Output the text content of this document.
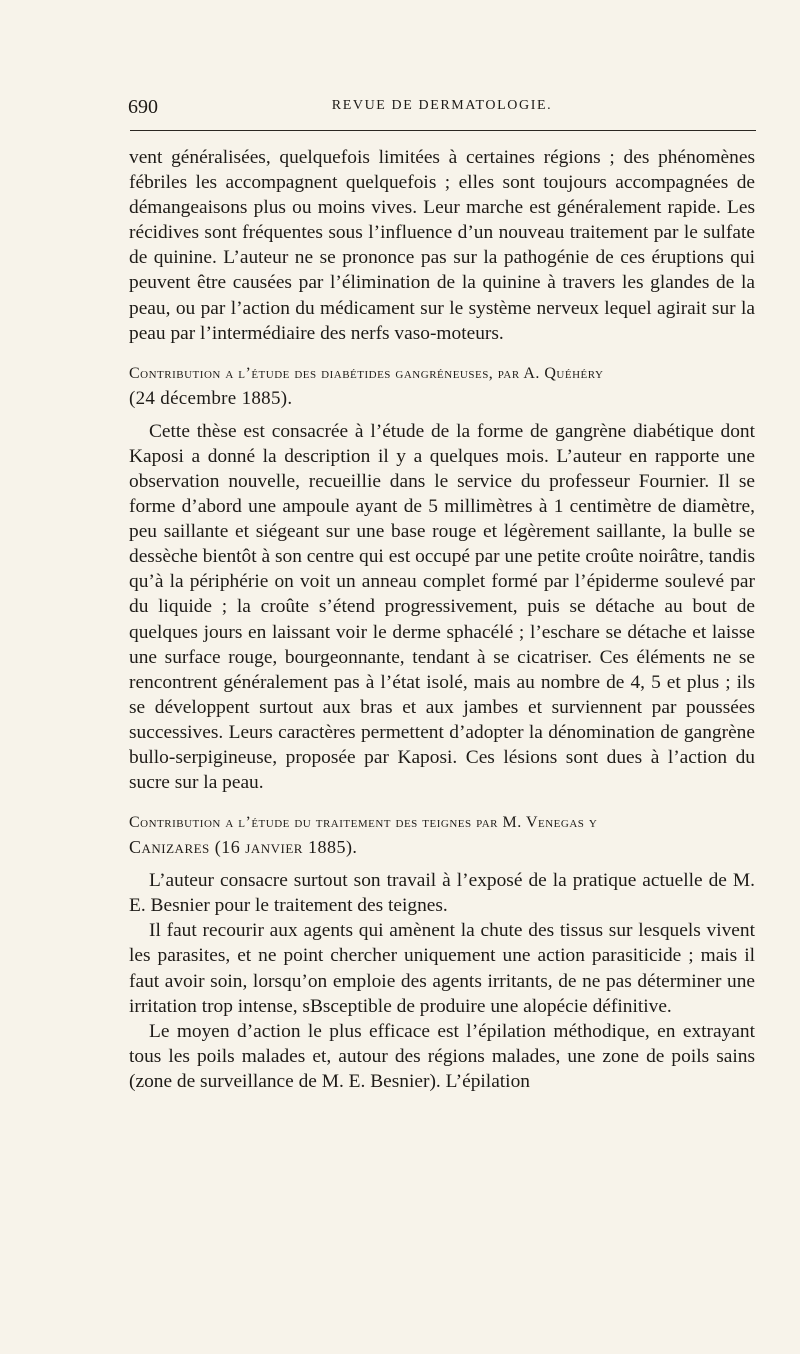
690	REVUE DE DERMATOLOGIE.

vent généralisées, quelquefois limitées à certaines régions ; des phénomènes fébriles les accompagnent quelquefois ; elles sont toujours accompagnées de démangeaisons plus ou moins vives. Leur marche est généralement rapide. Les récidives sont fréquentes sous l’influence d’un nouveau traitement par le sulfate de quinine. L’auteur ne se prononce pas sur la pathogénie de ces éruptions qui peuvent être causées par l’élimination de la quinine à travers les glandes de la peau, ou par l’action du médicament sur le système nerveux lequel agirait sur la peau par l’intermédiaire des nerfs vaso-moteurs.

Contribution a l’étude des diabétides gangréneuses, par A. Quéhéry

(24 décembre 1885).

Cette thèse est consacrée à l’étude de la forme de gangrène diabétique dont Kaposi a donné la description il y a quelques mois. L’auteur en rapporte une observation nouvelle, recueillie dans le service du professeur Fournier. Il se forme d’abord une ampoule ayant de 5 millimètres à 1 centimètre de diamètre, peu saillante et siégeant sur une base rouge et légèrement saillante, la bulle se dessèche bientôt à son centre qui est occupé par une petite croûte noirâtre, tandis qu’à la périphérie on voit un anneau complet formé par l’épiderme soulevé par du liquide ; la croûte s’étend progressivement, puis se détache au bout de quelques jours en laissant voir le derme sphacélé ; l’eschare se détache et laisse une surface rouge, bourgeonnante, tendant à se cicatriser. Ces éléments ne se rencontrent généralement pas à l’état isolé, mais au nombre de 4, 5 et plus ; ils se développent surtout aux bras et aux jambes et surviennent par poussées successives. Leurs caractères permettent d’adopter la dénomination de gangrène bullo-serpigineuse, proposée par Kaposi. Ces lésions sont dues à l’action du sucre sur la peau.

Contribution a l’étude du traitement des teignes par M. Venegas y

Canizares (16 janvier 1885).

L’auteur consacre surtout son travail à l’exposé de la pratique actuelle de M. E. Besnier pour le traitement des teignes.

Il faut recourir aux agents qui amènent la chute des tissus sur lesquels vivent les parasites, et ne point chercher uniquement une action parasiticide ; mais il faut avoir soin, lorsqu’on emploie des agents irritants, de ne pas déterminer une irritation trop intense, sBsceptible de produire une alopécie définitive.

Le moyen d’action le plus efficace est l’épilation méthodique, en extrayant tous les poils malades et, autour des régions malades, une zone de poils sains (zone de surveillance de M. E. Besnier). L’épilation
